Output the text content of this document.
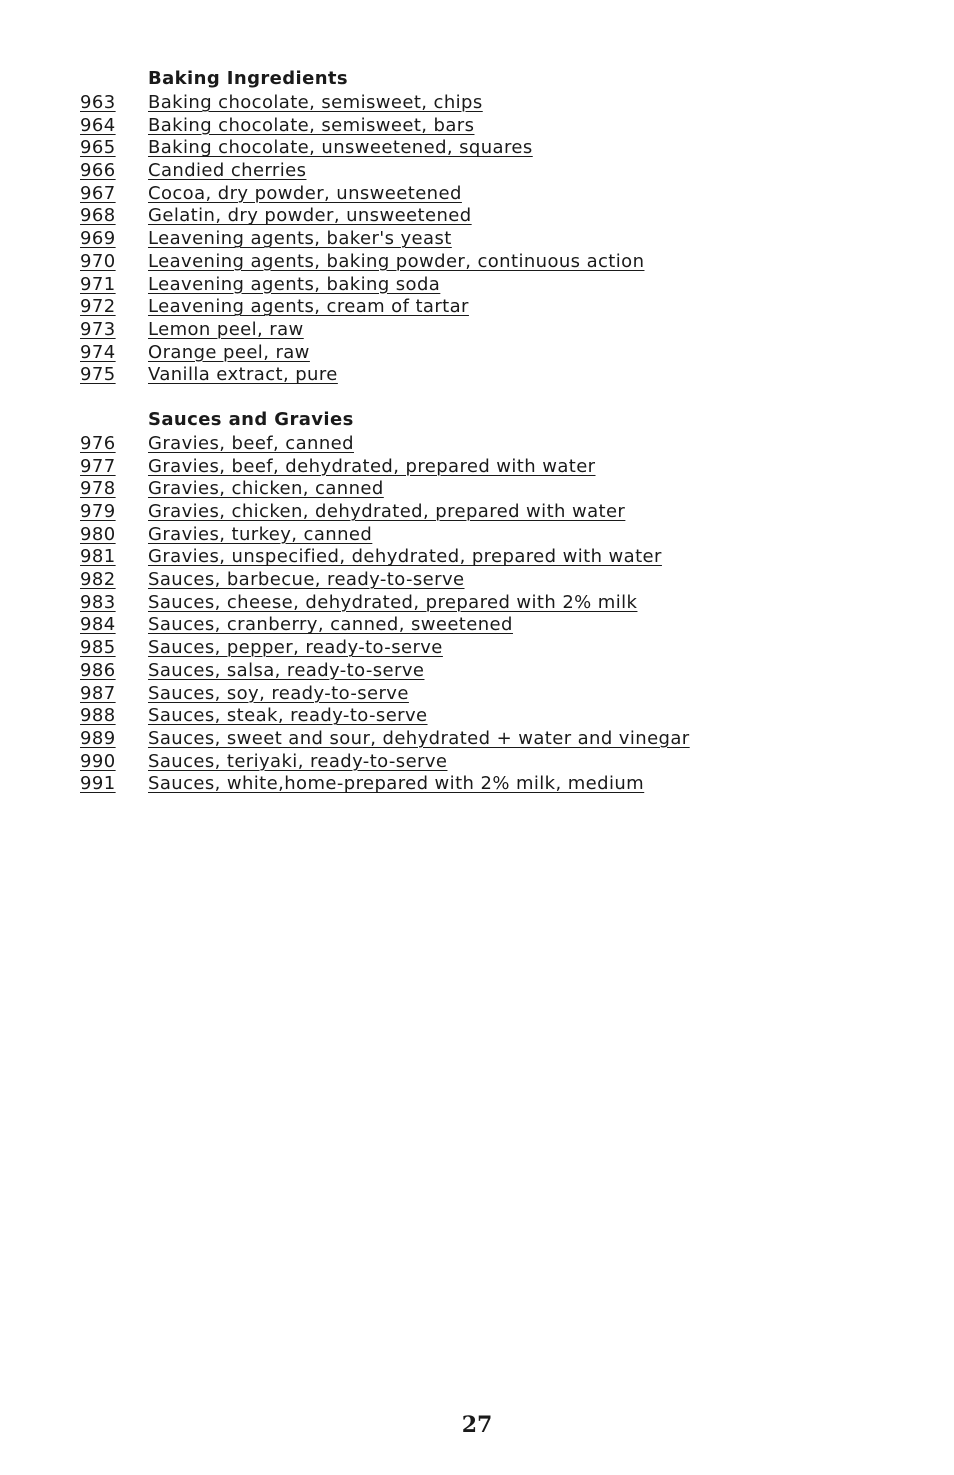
Baking Ingredients
963	Baking chocolate, semisweet, chips
964	Baking chocolate, semisweet, bars
965	Baking chocolate, unsweetened, squares
966	Candied cherries
967	Cocoa, dry powder, unsweetened
968	Gelatin, dry powder, unsweetened
969	Leavening agents, baker's yeast
970	Leavening agents, baking powder, continuous action
971	Leavening agents, baking soda
972	Leavening agents, cream of tartar
973	Lemon peel, raw
974	Orange peel, raw
975	Vanilla extract, pure
Sauces and Gravies
976	Gravies, beef, canned
977	Gravies, beef, dehydrated, prepared with water
978	Gravies, chicken, canned
979	Gravies, chicken, dehydrated, prepared with water
980	Gravies, turkey, canned
981	Gravies, unspecified, dehydrated, prepared with water
982	Sauces, barbecue, ready-to-serve
983	Sauces, cheese, dehydrated, prepared with 2% milk
984	Sauces, cranberry, canned, sweetened
985	Sauces, pepper, ready-to-serve
986	Sauces, salsa, ready-to-serve
987	Sauces, soy, ready-to-serve
988	Sauces, steak, ready-to-serve
989	Sauces, sweet and sour, dehydrated + water and vinegar
990	Sauces, teriyaki, ready-to-serve
991	Sauces, white,home-prepared with 2% milk, medium
27
